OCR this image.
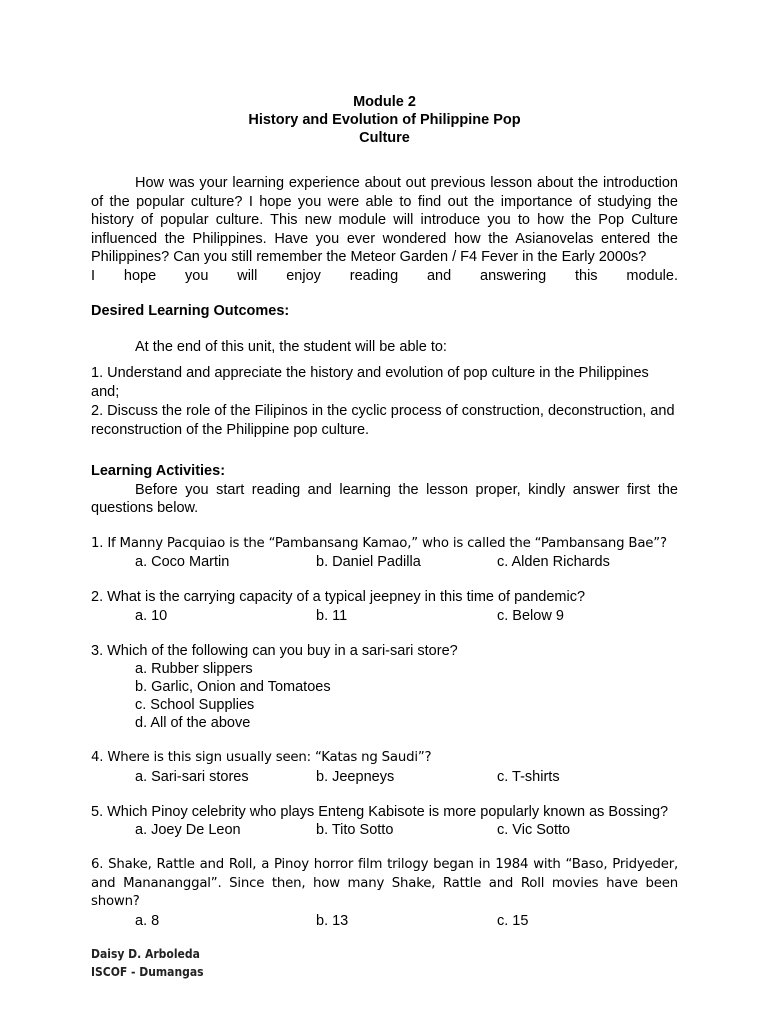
Module 2
History and Evolution of Philippine Pop
Culture

How was your learning experience about out previous lesson about the introduction of the popular culture? I hope you were able to find out the importance of studying the history of popular culture. This new module will introduce you to how the Pop Culture influenced the Philippines. Have you ever wondered how the Asianovelas entered the Philippines? Can you still remember the Meteor Garden / F4 Fever in the Early 2000s?

I hope you will enjoy reading and answering this module.

Desired Learning Outcomes:

At the end of this unit, the student will be able to:

1. Understand and appreciate the history and evolution of pop culture in the Philippines and;

2. Discuss the role of the Filipinos in the cyclic process of construction, deconstruction, and reconstruction of the Philippine pop culture.

Learning Activities:

Before you start reading and learning the lesson proper, kindly answer first the questions below.

1. If Manny Pacquiao is the “Pambansang Kamao,” who is called the “Pambansang Bae”?

a. Coco Martin	b. Daniel Padilla	c. Alden Richards

2. What is the carrying capacity of a typical jeepney in this time of pandemic?

a. 10	b. 11	c. Below 9

3. Which of the following can you buy in a sari-sari store?

a. Rubber slippers
b. Garlic, Onion and Tomatoes
c. School Supplies
d. All of the above

4. Where is this sign usually seen: “Katas ng Saudi”?

a. Sari-sari stores	b. Jeepneys	c. T-shirts

5. Which Pinoy celebrity who plays Enteng Kabisote is more popularly known as Bossing?

a. Joey De Leon	b. Tito Sotto	c. Vic Sotto

6. Shake, Rattle and Roll, a Pinoy horror film trilogy began in 1984 with “Baso, Pridyeder, and Manananggal”. Since then, how many Shake, Rattle and Roll movies have been shown?

a. 8	b. 13	c. 15
Daisy D. Arboleda
ISCOF - Dumangas
